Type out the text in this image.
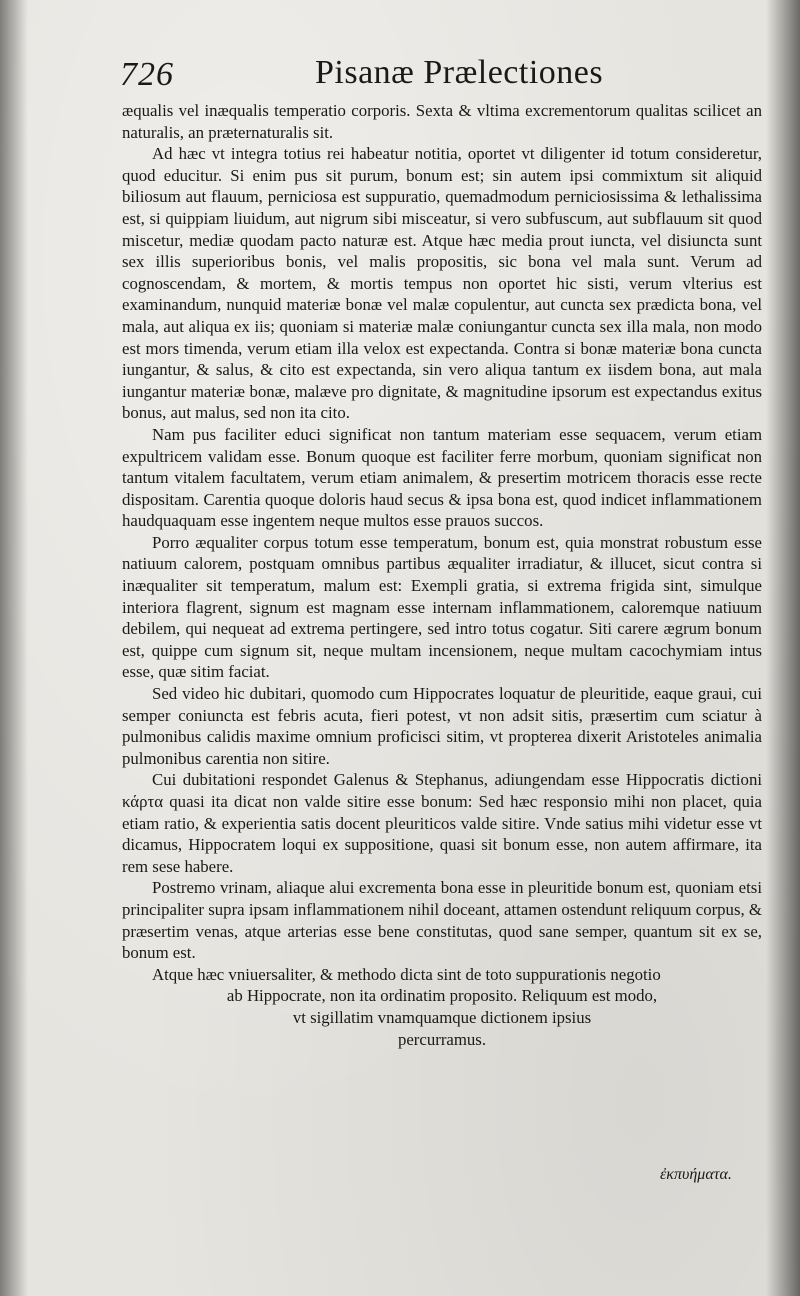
726	Pisanæ Prælectiones

æqualis vel inæqualis temperatio corporis. Sexta & vltima excrementorum qualitas scilicet an naturalis, an præternaturalis sit.

Ad hæc vt integra totius rei habeatur notitia, oportet vt diligenter id totum consideretur, quod educitur. Si enim pus sit purum, bonum est; sin autem ipsi commixtum sit aliquid biliosum aut flauum, perniciosa est suppuratio, quemadmodum perniciosissima & lethalissima est, si quippiam liuidum, aut nigrum sibi misceatur, si vero subfuscum, aut subflauum sit quod miscetur, mediæ quodam pacto naturæ est. Atque hæc media prout iuncta, vel disiuncta sunt sex illis superioribus bonis, vel malis propositis, sic bona vel mala sunt. Verum ad cognoscendam, & mortem, & mortis tempus non oportet hic sisti, verum vlterius est examinandum, nunquid materiæ bonæ vel malæ copulentur, aut cuncta sex prædicta bona, vel mala, aut aliqua ex iis; quoniam si materiæ malæ coniungantur cuncta sex illa mala, non modo est mors timenda, verum etiam illa velox est expectanda. Contra si bonæ materiæ bona cuncta iungantur, & salus, & cito est expectanda, sin vero aliqua tantum ex iisdem bona, aut mala iungantur materiæ bonæ, malæve pro dignitate, & magnitudine ipsorum est expectandus exitus bonus, aut malus, sed non ita cito.

Nam pus faciliter educi significat non tantum materiam esse sequacem, verum etiam expultricem validam esse. Bonum quoque est faciliter ferre morbum, quoniam significat non tantum vitalem facultatem, verum etiam animalem, & presertim motricem thoracis esse recte dispositam. Carentia quoque doloris haud secus & ipsa bona est, quod indicet inflammationem haudquaquam esse ingentem neque multos esse prauos succos.

Porro æqualiter corpus totum esse temperatum, bonum est, quia monstrat robustum esse natiuum calorem, postquam omnibus partibus æqualiter irradiatur, & illucet, sicut contra si inæqualiter sit temperatum, malum est: Exempli gratia, si extrema frigida sint, simulque interiora flagrent, signum est magnam esse internam inflammationem, caloremque natiuum debilem, qui nequeat ad extrema pertingere, sed intro totus cogatur. Siti carere ægrum bonum est, quippe cum signum sit, neque multam incensionem, neque multam cacochymiam intus esse, quæ sitim faciat.

Sed video hic dubitari, quomodo cum Hippocrates loquatur de pleuritide, eaque graui, cui semper coniuncta est febris acuta, fieri potest, vt non adsit sitis, præsertim cum sciatur à pulmonibus calidis maxime omnium proficisci sitim, vt propterea dixerit Aristoteles animalia pulmonibus carentia non sitire.

Cui dubitationi respondet Galenus & Stephanus, adiungendam esse Hippocratis dictioni κάρτα quasi ita dicat non valde sitire esse bonum: Sed hæc responsio mihi non placet, quia etiam ratio, & experientia satis docent pleuriticos valde sitire. Vnde satius mihi videtur esse vt dicamus, Hippocratem loqui ex suppositione, quasi sit bonum esse, non autem affirmare, ita rem sese habere.

Postremo vrinam, aliaque alui excrementa bona esse in pleuritide bonum est, quoniam etsi principaliter supra ipsam inflammationem nihil doceant, attamen ostendunt reliquum corpus, & præsertim venas, atque arterias esse bene constitutas, quod sane semper, quantum sit ex se, bonum est.

Atque hæc vniuersaliter, & methodo dicta sint de toto suppurationis negotio

ab Hippocrate, non ita ordinatim proposito. Reliquum est modo,

vt sigillatim vnamquamque dictionem ipsius

percurramus.

ἐκπυήματα.
